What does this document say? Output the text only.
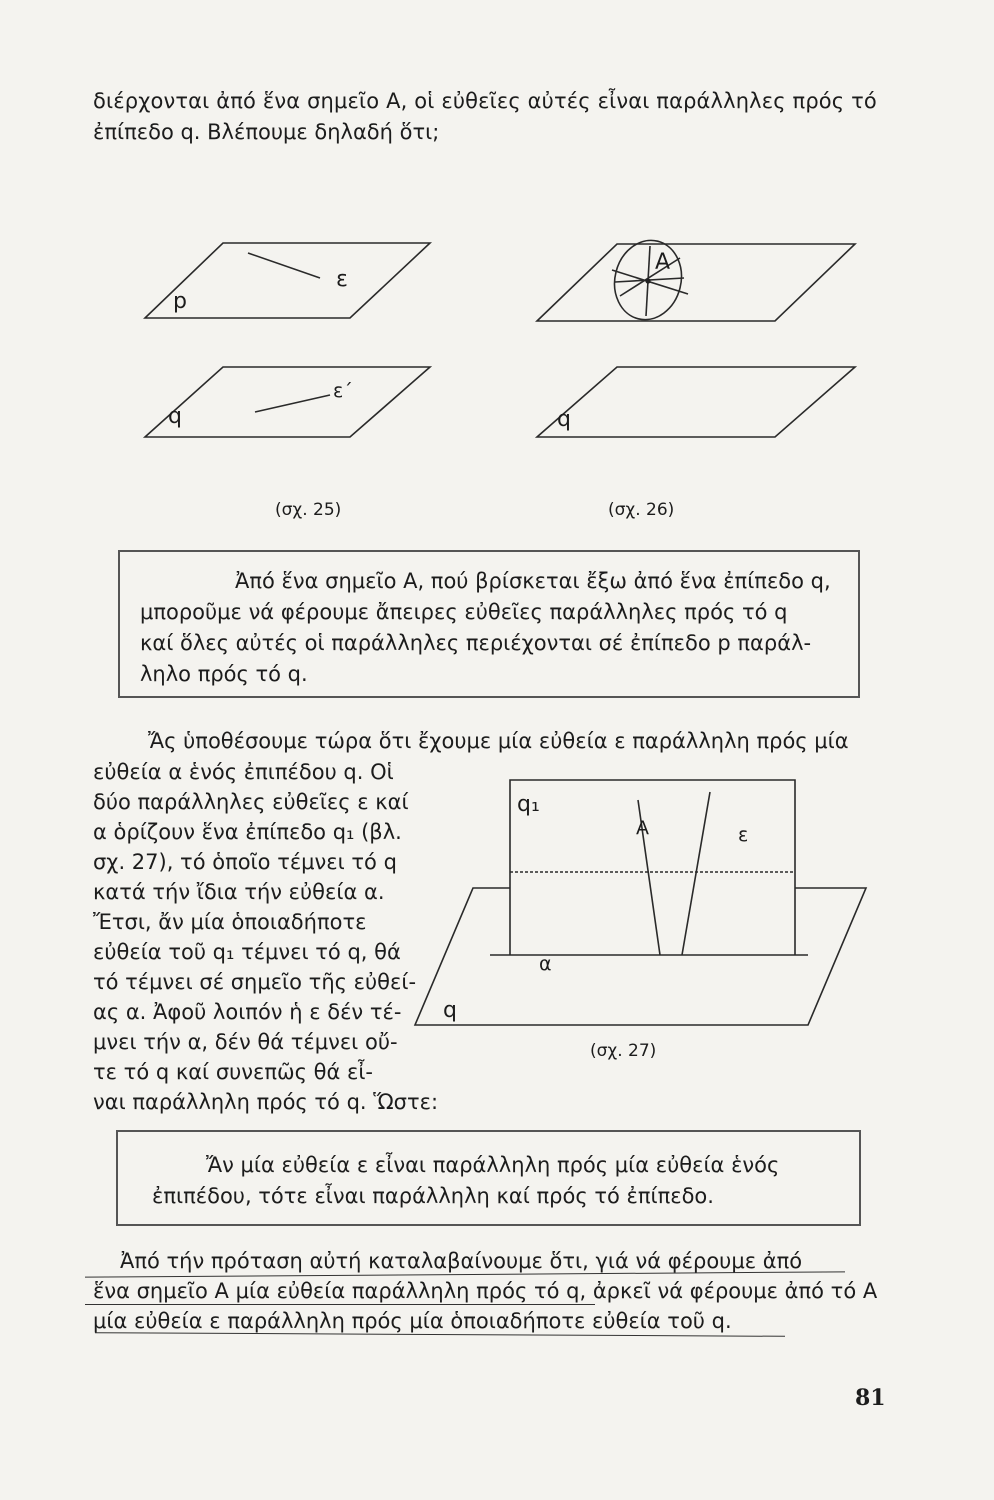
διέρχονται ἀπό ἕνα σημεῖο Α, οἱ εὐθεῖες αὐτές εἶναι παράλληλες πρός τό
ἐπίπεδο q. Βλέπουμε δηλαδή ὅτι;
p
ε
q
ε΄
(σχ. 25)
Α
q
(σχ. 26)
Ἀπό ἕνα σημεῖο Α, πού βρίσκεται ἔξω ἀπό ἕνα ἐπίπεδο q,
μποροῦμε νά φέρουμε ἄπειρες εὐθεῖες παράλληλες πρός τό q
καί ὅλες αὐτές οἱ παράλληλες περιέχονται σέ ἐπίπεδο p παράλ-
ληλο πρός τό q.
Ἄς ὑποθέσουμε τώρα ὅτι ἔχουμε μία εὐθεία ε παράλληλη πρός μία
εὐθεία α ἑνός ἐπιπέδου q. Οἱ
δύο παράλληλες εὐθεῖες ε καί
α ὁρίζουν ἕνα ἐπίπεδο q₁ (βλ.
σχ. 27), τό ὁποῖο τέμνει τό q
κατά τήν ἴδια τήν εὐθεία α.
Ἔτσι, ἄν μία ὁποιαδήποτε
εὐθεία τοῦ q₁ τέμνει τό q, θά
τό τέμνει σέ σημεῖο τῆς εὐθεί-
ας α. Ἀφοῦ λοιπόν ἡ ε δέν τέ-
μνει τήν α, δέν θά τέμνει οὔ-
τε τό q καί συνεπῶς θά εἶ-
ναι παράλληλη πρός τό q. Ὥστε:
q₁
Α	ε
α
q
(σχ. 27)
Ἄν μία εὐθεία ε εἶναι παράλληλη πρός μία εὐθεία ἑνός
ἐπιπέδου, τότε εἶναι παράλληλη καί πρός τό ἐπίπεδο.
Ἀπό τήν πρόταση αὐτή καταλαβαίνουμε ὅτι, γιά νά φέρουμε ἀπό
ἕνα σημεῖο Α μία εὐθεία παράλληλη πρός τό q, ἀρκεῖ νά φέρουμε ἀπό τό Α
μία εὐθεία ε παράλληλη πρός μία ὁποιαδήποτε εὐθεία τοῦ q.
81
